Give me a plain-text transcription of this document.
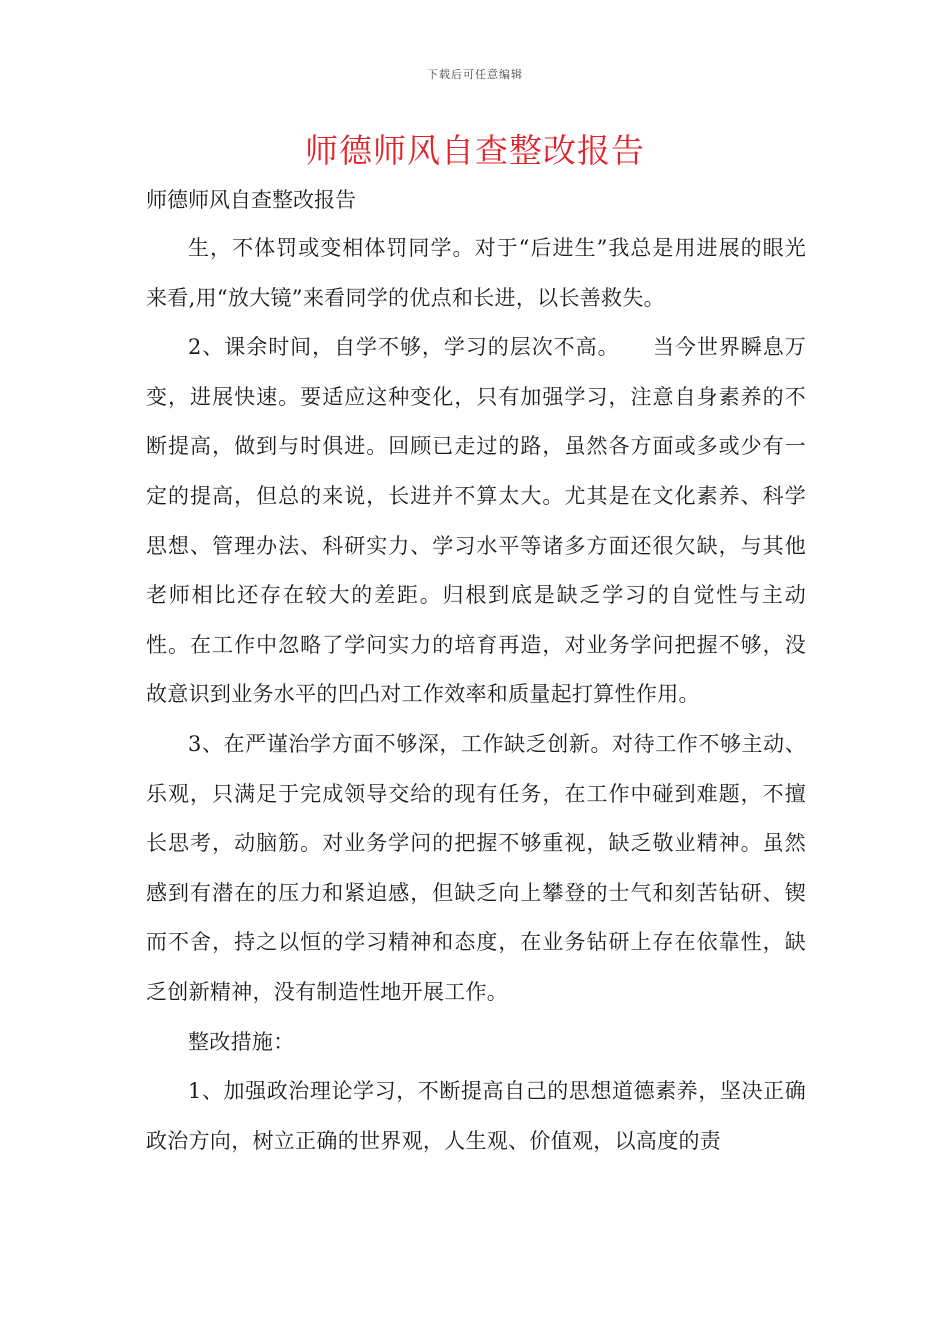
下载后可任意编辑
师德师风自查整改报告
师德师风自查整改报告

生，不体罚或变相体罚同学。对于“后进生”我总是用进展的眼光来看,用“放大镜”来看同学的优点和长进，以长善救失。

2、课余时间，自学不够，学习的层次不高。　　当今世界瞬息万变，进展快速。要适应这种变化，只有加强学习，注意自身素养的不断提高，做到与时俱进。回顾已走过的路，虽然各方面或多或少有一定的提高，但总的来说，长进并不算太大。尤其是在文化素养、科学思想、管理办法、科研实力、学习水平等诸多方面还很欠缺，与其他老师相比还存在较大的差距。归根到底是缺乏学习的自觉性与主动性。在工作中忽略了学问实力的培育再造，对业务学问把握不够，没故意识到业务水平的凹凸对工作效率和质量起打算性作用。

3、在严谨治学方面不够深，工作缺乏创新。对待工作不够主动、乐观，只满足于完成领导交给的现有任务，在工作中碰到难题，不擅长思考，动脑筋。对业务学问的把握不够重视，缺乏敬业精神。虽然感到有潜在的压力和紧迫感，但缺乏向上攀登的士气和刻苦钻研、锲而不舍，持之以恒的学习精神和态度，在业务钻研上存在依靠性，缺乏创新精神，没有制造性地开展工作。

整改措施：

1、加强政治理论学习，不断提高自己的思想道德素养，坚决正确政治方向，树立正确的世界观，人生观、价值观，以高度的责
